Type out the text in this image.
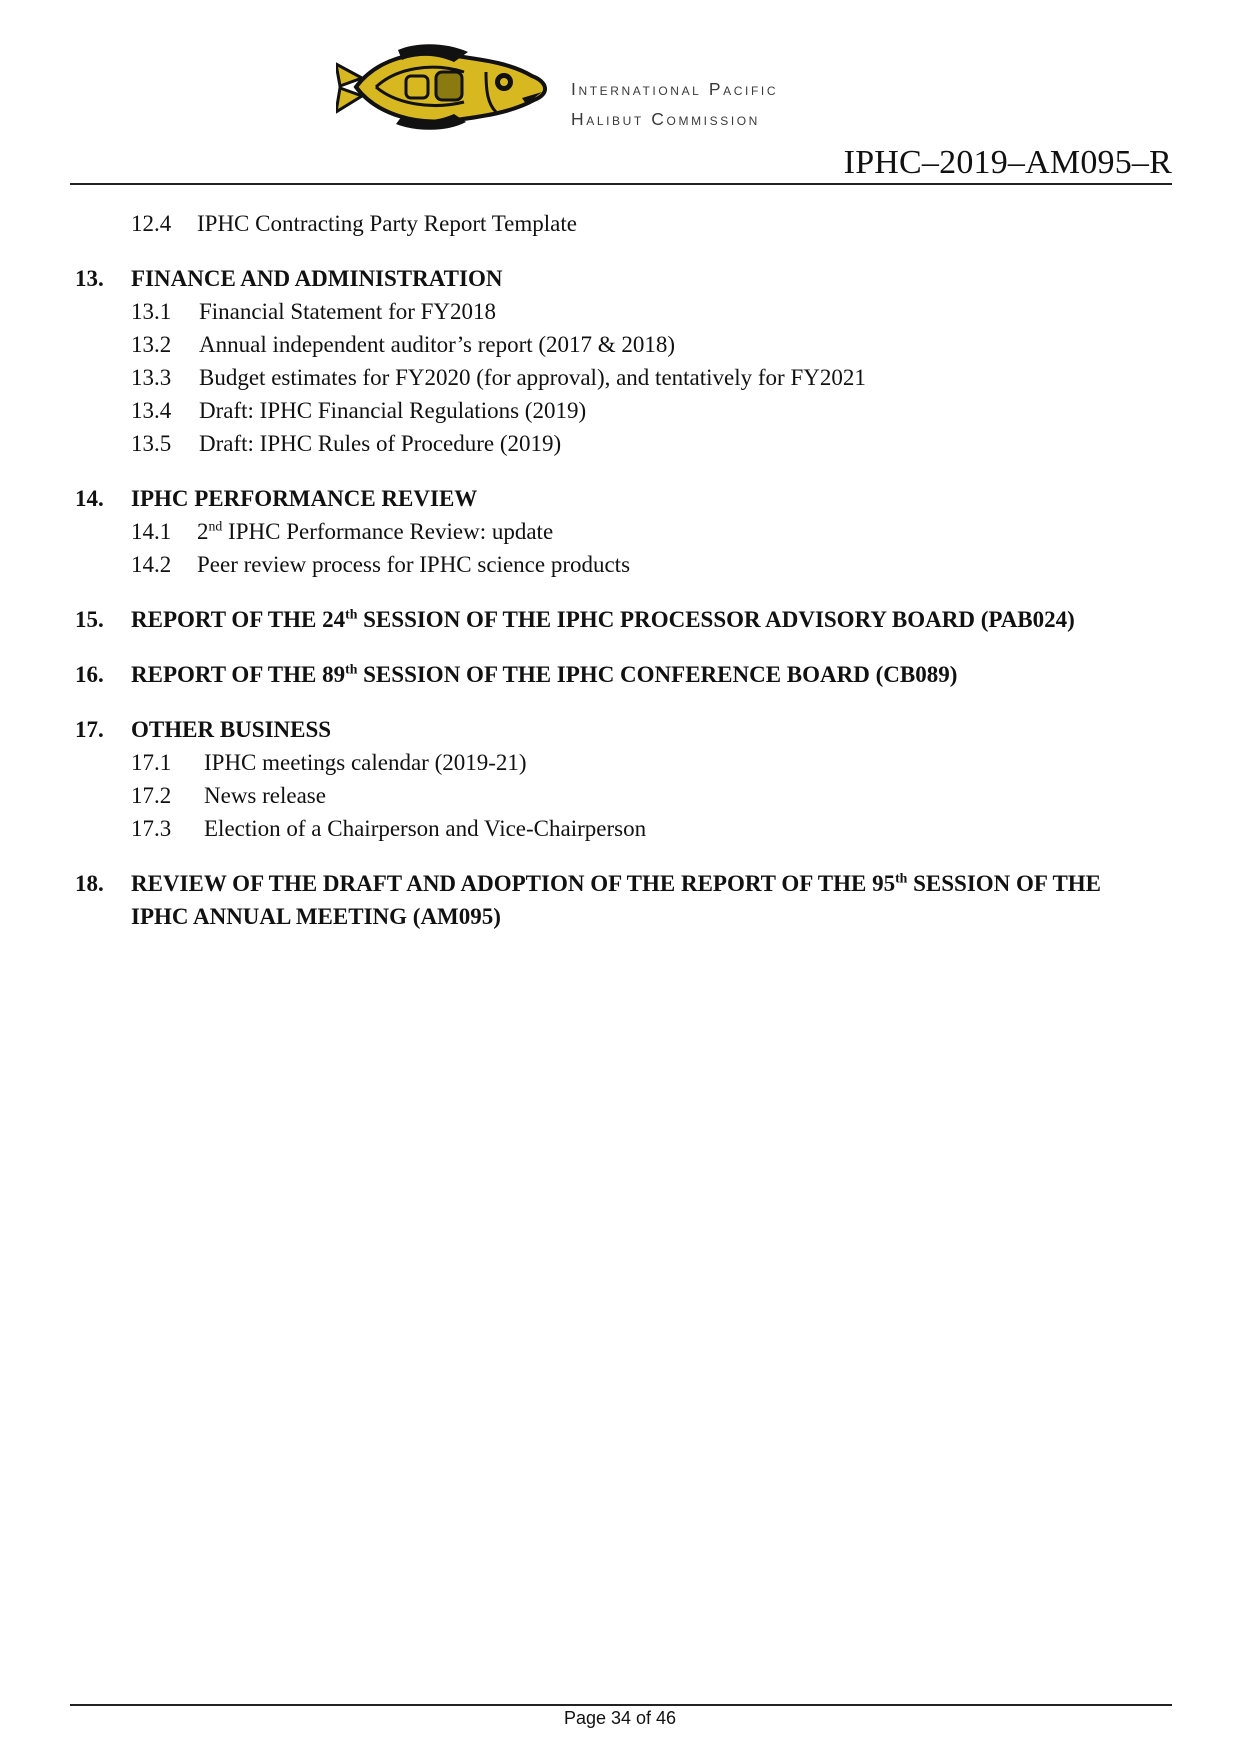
International Pacific
Halibut Commission
IPHC–2019–AM095–R
12.4 IPHC Contracting Party Report Template
13. FINANCE AND ADMINISTRATION
13.1 Financial Statement for FY2018
13.2 Annual independent auditor’s report (2017 & 2018)
13.3 Budget estimates for FY2020 (for approval), and tentatively for FY2021
13.4 Draft: IPHC Financial Regulations (2019)
13.5 Draft: IPHC Rules of Procedure (2019)
14. IPHC PERFORMANCE REVIEW
14.1 2nd IPHC Performance Review: update
14.2 Peer review process for IPHC science products
15. REPORT OF THE 24th SESSION OF THE IPHC PROCESSOR ADVISORY BOARD (PAB024)
16. REPORT OF THE 89th SESSION OF THE IPHC CONFERENCE BOARD (CB089)
17. OTHER BUSINESS
17.1 IPHC meetings calendar (2019-21)
17.2 News release
17.3 Election of a Chairperson and Vice-Chairperson
18. REVIEW OF THE DRAFT AND ADOPTION OF THE REPORT OF THE 95th SESSION OF THE IPHC ANNUAL MEETING (AM095)
Page 34 of 46
